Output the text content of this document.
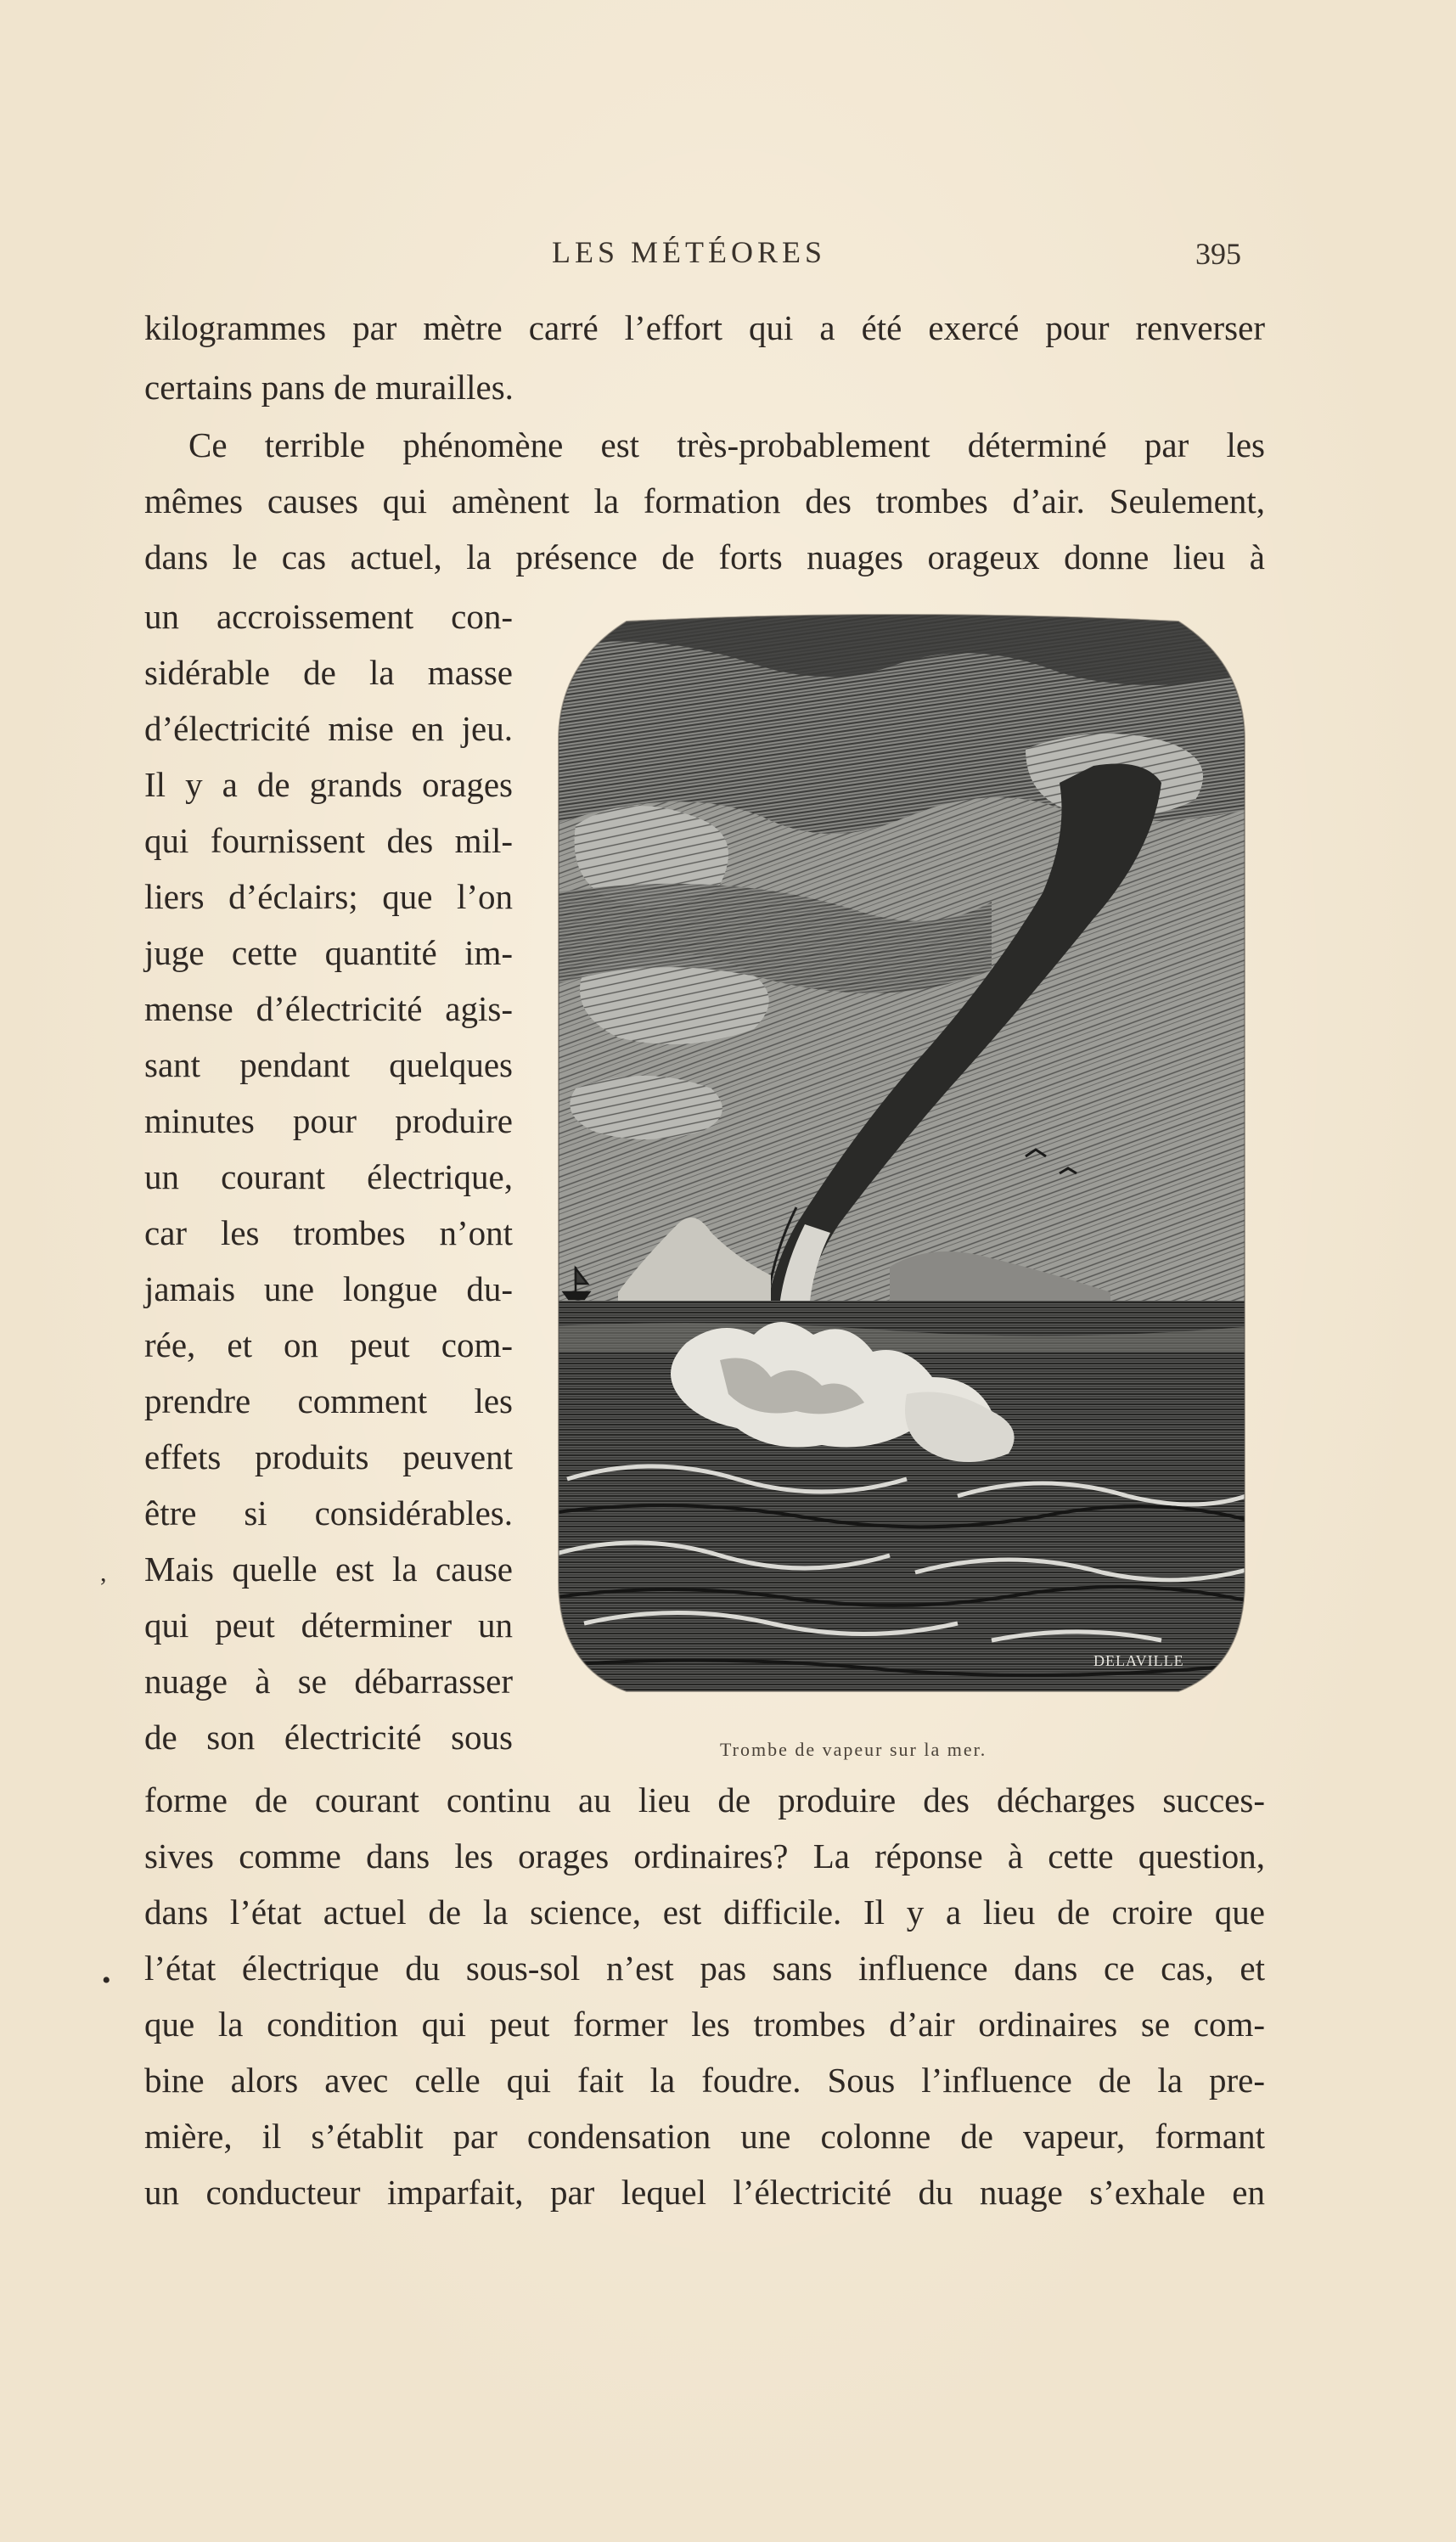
LES MÉTÉORES	395
kilogrammes par mètre carré l’effort qui a été exercé pour renverser
certains pans de murailles.
Ce terrible phénomène est très-probablement déterminé par les
mêmes causes qui amènent la formation des trombes d’air. Seulement,
dans le cas actuel, la présence de forts nuages orageux donne lieu à
un accroissement con-
sidérable de la masse
d’électricité mise en jeu.
Il y a de grands orages
qui fournissent des mil-
liers d’éclairs; que l’on
juge cette quantité im-
mense d’électricité agis-
sant pendant quelques
minutes pour produire
un courant électrique,
car les trombes n’ont
jamais une longue du-
rée, et on peut com-
prendre comment les
effets produits peuvent
être si considérables.
Mais quelle est la cause
qui peut déterminer un
nuage à se débarrasser
de son électricité sous
,
•
forme de courant continu au lieu de produire des décharges succes-
sives comme dans les orages ordinaires? La réponse à cette question,
dans l’état actuel de la science, est difficile. Il y a lieu de croire que
l’état électrique du sous-sol n’est pas sans influence dans ce cas, et
que la condition qui peut former les trombes d’air ordinaires se com-
bine alors avec celle qui fait la foudre. Sous l’influence de la pre-
mière, il s’établit par condensation une colonne de vapeur, formant
un conducteur imparfait, par lequel l’électricité du nuage s’exhale en
DELAVILLE
Trombe de vapeur sur la mer.
